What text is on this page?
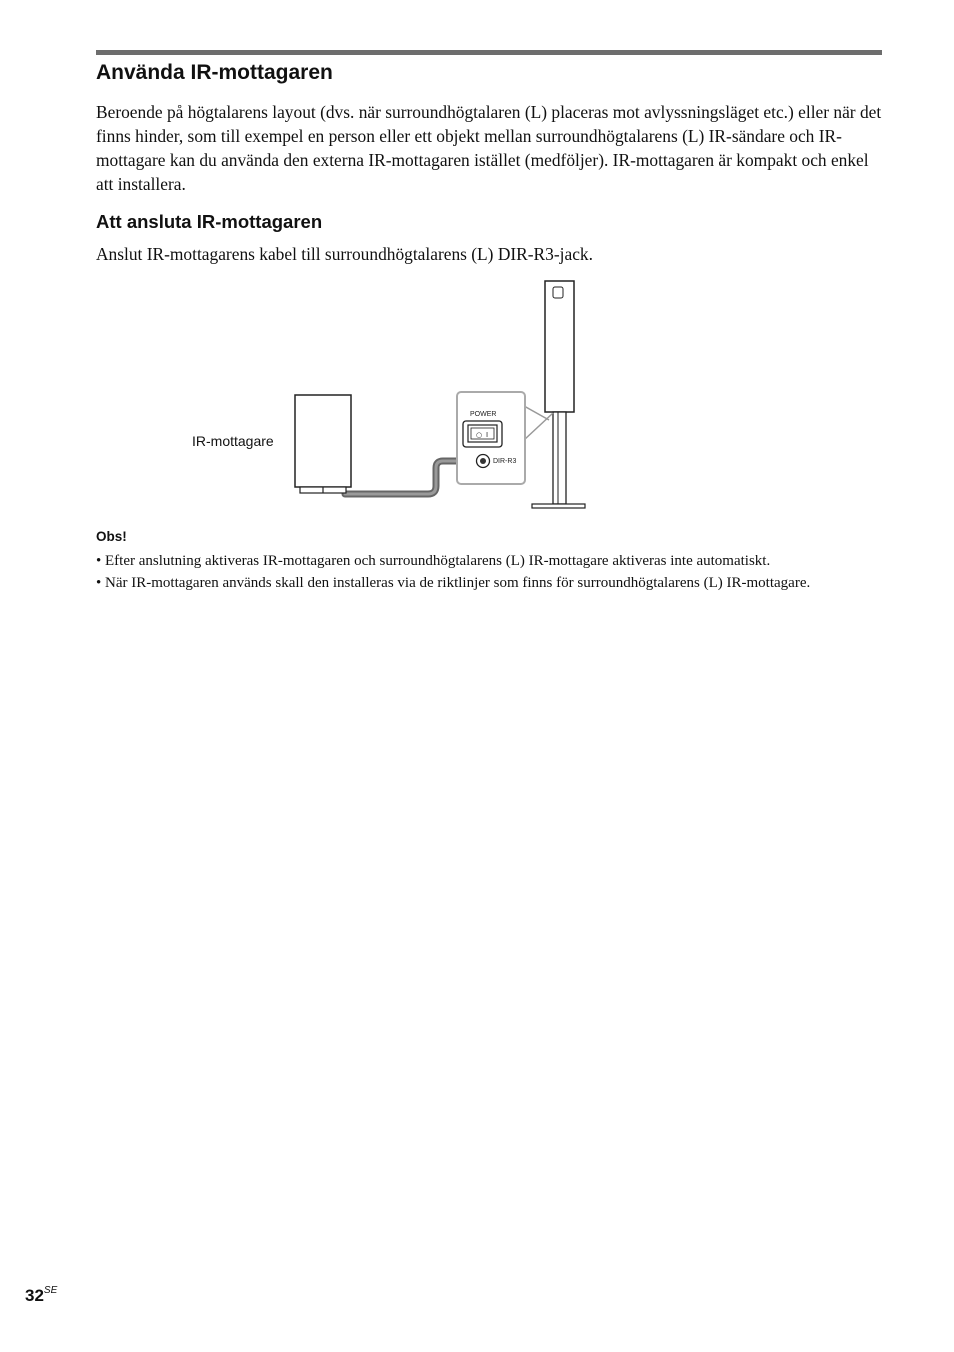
Använda IR-mottagaren

Beroende på högtalarens layout (dvs. när surroundhögtalaren (L) placeras mot avlyssningsläget etc.) eller när det finns hinder, som till exempel en person eller ett objekt mellan surroundhögtalarens (L) IR-sändare och IR-mottagare kan du använda den externa IR-mottagaren istället (medföljer). IR-mottagaren är kompakt och enkel att installera.

Att ansluta IR-mottagaren

Anslut IR-mottagarens kabel till surroundhögtalarens (L) DIR-R3-jack.

IR-mottagare
POWER
○ I
DIR-R3
Obs!
• Efter anslutning aktiveras IR-mottagaren och surroundhögtalarens (L) IR-mottagare aktiveras inte automatiskt.
• När IR-mottagaren används skall den installeras via de riktlinjer som finns för surroundhögtalarens (L) IR-mottagare.
$32^{SE}$
